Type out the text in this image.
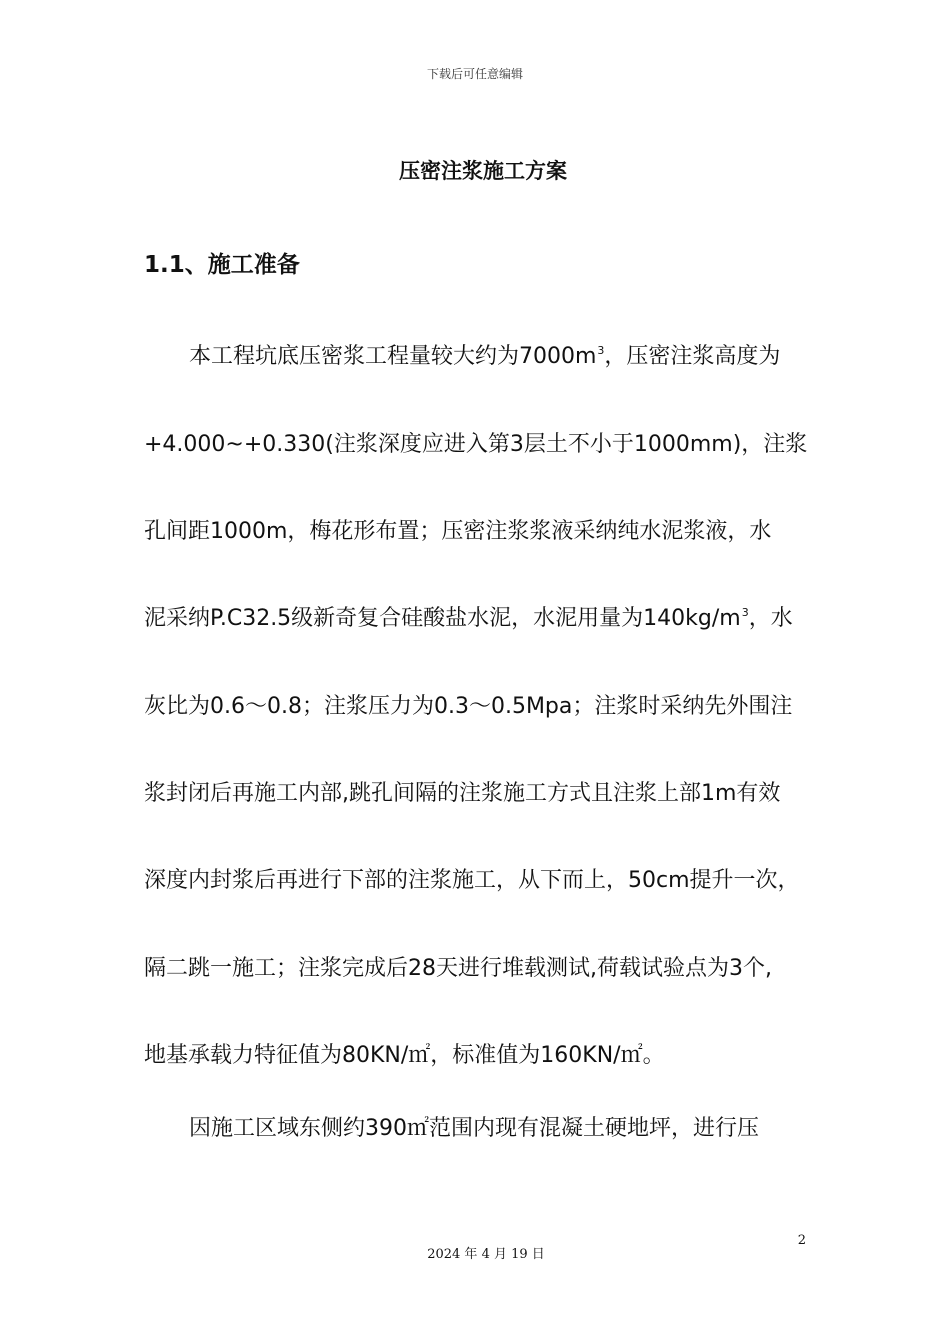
下载后可任意编辑
压密注浆施工方案
1.1、施工准备
本工程坑底压密浆工程量较大约为$7000m^3$，压密注浆高度为
+4.000~+0.330(注浆深度应进入第3层土不小于1000mm)，注浆
孔间距1000m，梅花形布置；压密注浆浆液采纳纯水泥浆液，水
泥采纳P.C32.5级新奇复合硅酸盐水泥，水泥用量为$140kg/m^3$，水
灰比为0.6～0.8；注浆压力为0.3～0.5Mpa；注浆时采纳先外围注
浆封闭后再施工内部,跳孔间隔的注浆施工方式且注浆上部1m有效
深度内封浆后再进行下部的注浆施工，从下而上，50cm提升一次，
隔二跳一施工；注浆完成后28天进行堆载测试,荷载试验点为3个,
地基承载力特征值为80KN/㎡，标准值为160KN/㎡。
因施工区域东侧约390㎡范围内现有混凝土硬地坪，进行压
2
2024 年 4 月 19 日
